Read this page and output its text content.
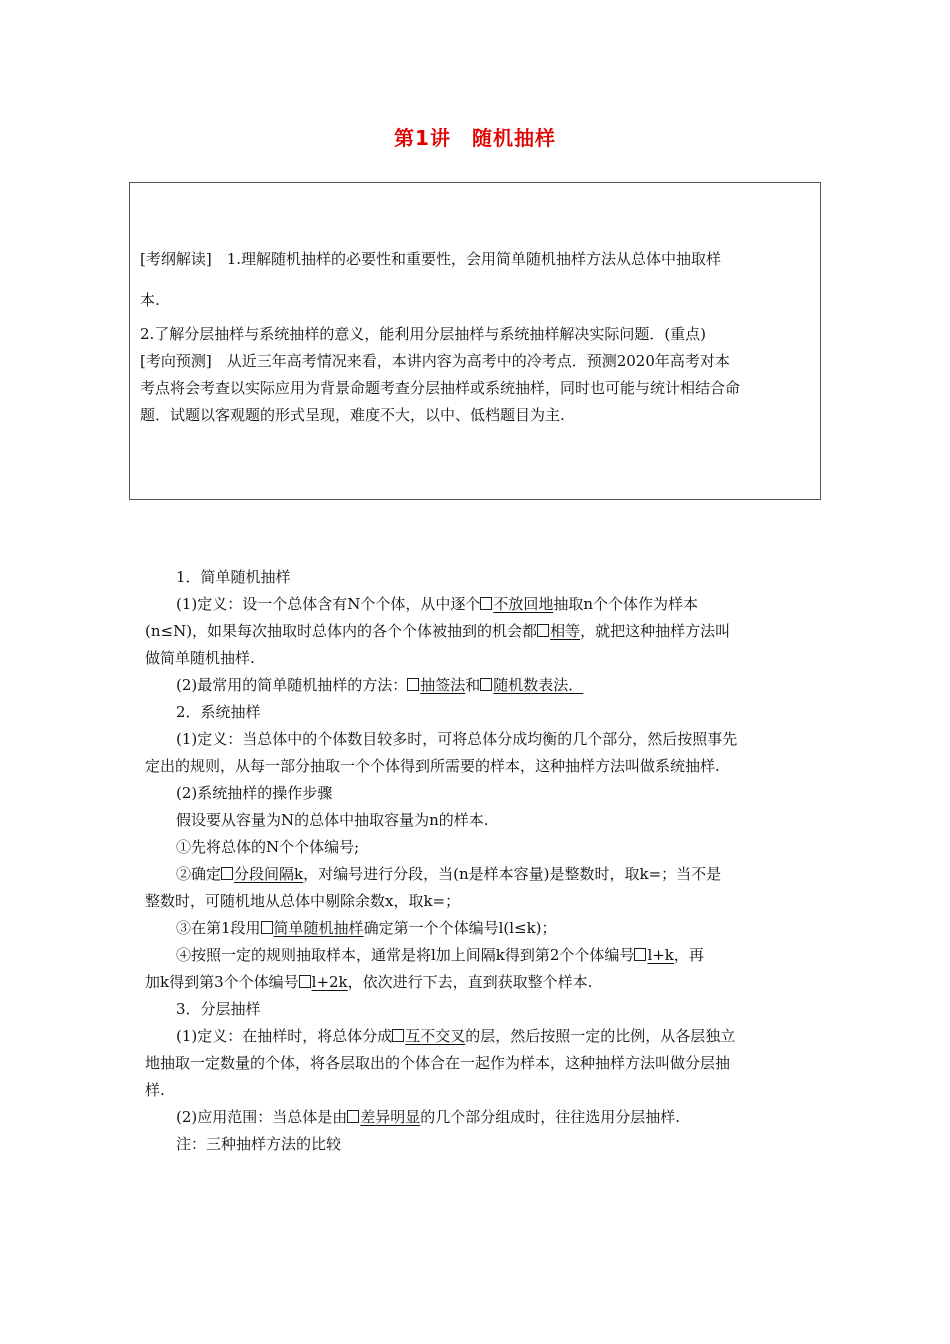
第1讲　随机抽样
[考纲解读]　1.理解随机抽样的必要性和重要性，会用简单随机抽样方法从总体中抽取样
本.
2.了解分层抽样与系统抽样的意义，能利用分层抽样与系统抽样解决实际问题．(重点)
[考向预测]　从近三年高考情况来看，本讲内容为高考中的冷考点．预测2020年高考对本
考点将会考查以实际应用为背景命题考查分层抽样或系统抽样，同时也可能与统计相结合命
题．试题以客观题的形式呈现，难度不大，以中、低档题目为主.
1．简单随机抽样
(1)定义：设一个总体含有N个个体，从中逐个 不放回地抽取n个个体作为样本
(n≤N)，如果每次抽取时总体内的各个个体被抽到的机会都 相等，就把这种抽样方法叫
做简单随机抽样.
(2)最常用的简单随机抽样的方法： 抽签法和 随机数表法．
2．系统抽样
(1)定义：当总体中的个体数目较多时，可将总体分成均衡的几个部分，然后按照事先
定出的规则，从每一部分抽取一个个体得到所需要的样本，这种抽样方法叫做系统抽样.
(2)系统抽样的操作步骤
假设要从容量为N的总体中抽取容量为n的样本.
①先将总体的N个个体编号;
②确定 分段间隔k，对编号进行分段，当(n是样本容量)是整数时，取k=；当不是
整数时，可随机地从总体中剔除余数x，取k=；
③在第1段用 简单随机抽样确定第一个个体编号l(l≤k)；
④按照一定的规则抽取样本，通常是将l加上间隔k得到第2个个体编号 l+k，再
加k得到第3个个体编号 l+2k，依次进行下去，直到获取整个样本.
3．分层抽样
(1)定义：在抽样时，将总体分成 互不交叉的层，然后按照一定的比例，从各层独立
地抽取一定数量的个体，将各层取出的个体合在一起作为样本，这种抽样方法叫做分层抽
样.
(2)应用范围：当总体是由 差异明显的几个部分组成时，往往选用分层抽样.
注：三种抽样方法的比较
